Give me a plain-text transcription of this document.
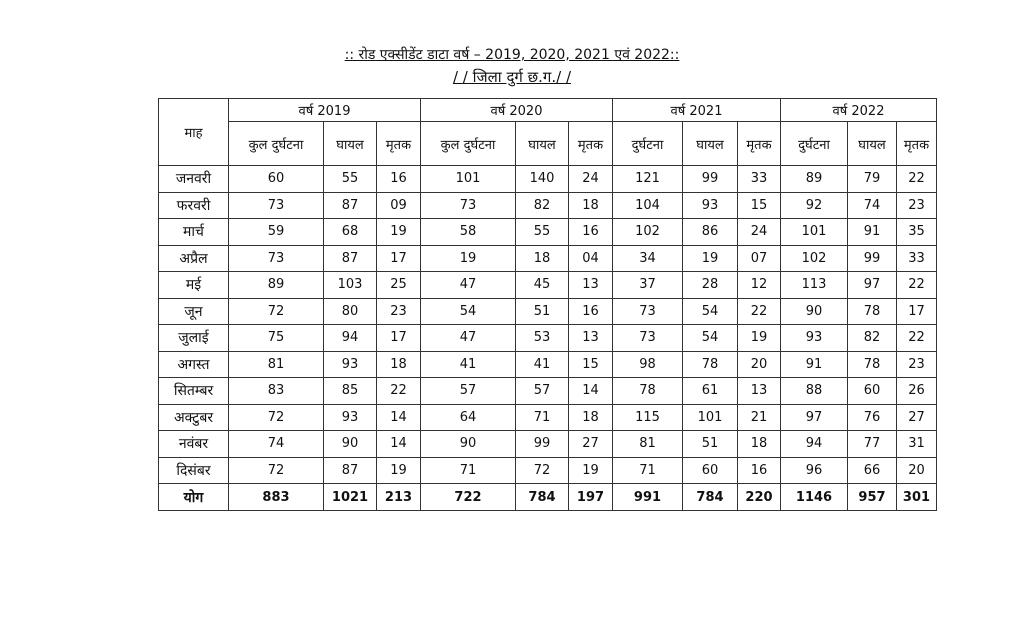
:: रोड एक्सीडेंट डाटा वर्ष – 2019, 2020, 2021 एवं 2022::
/ / जिला दुर्ग छ.ग./ /
माह	वर्ष 2019			वर्ष 2020			वर्ष 2021			वर्ष 2022		
	कुल दुर्घटना	घायल	मृतक	कुल दुर्घटना	घायल	मृतक	दुर्घटना	घायल	मृतक	दुर्घटना	घायल	मृतक
जनवरी	60	55	16	101	140	24	121	99	33	89	79	22
फरवरी	73	87	09	73	82	18	104	93	15	92	74	23
मार्च	59	68	19	58	55	16	102	86	24	101	91	35
अप्रैल	73	87	17	19	18	04	34	19	07	102	99	33
मई	89	103	25	47	45	13	37	28	12	113	97	22
जून	72	80	23	54	51	16	73	54	22	90	78	17
जुलाई	75	94	17	47	53	13	73	54	19	93	82	22
अगस्त	81	93	18	41	41	15	98	78	20	91	78	23
सितम्बर	83	85	22	57	57	14	78	61	13	88	60	26
अक्टुबर	72	93	14	64	71	18	115	101	21	97	76	27
नवंबर	74	90	14	90	99	27	81	51	18	94	77	31
दिसंबर	72	87	19	71	72	19	71	60	16	96	66	20
योग	883	1021	213	722	784	197	991	784	220	1146	957	301
